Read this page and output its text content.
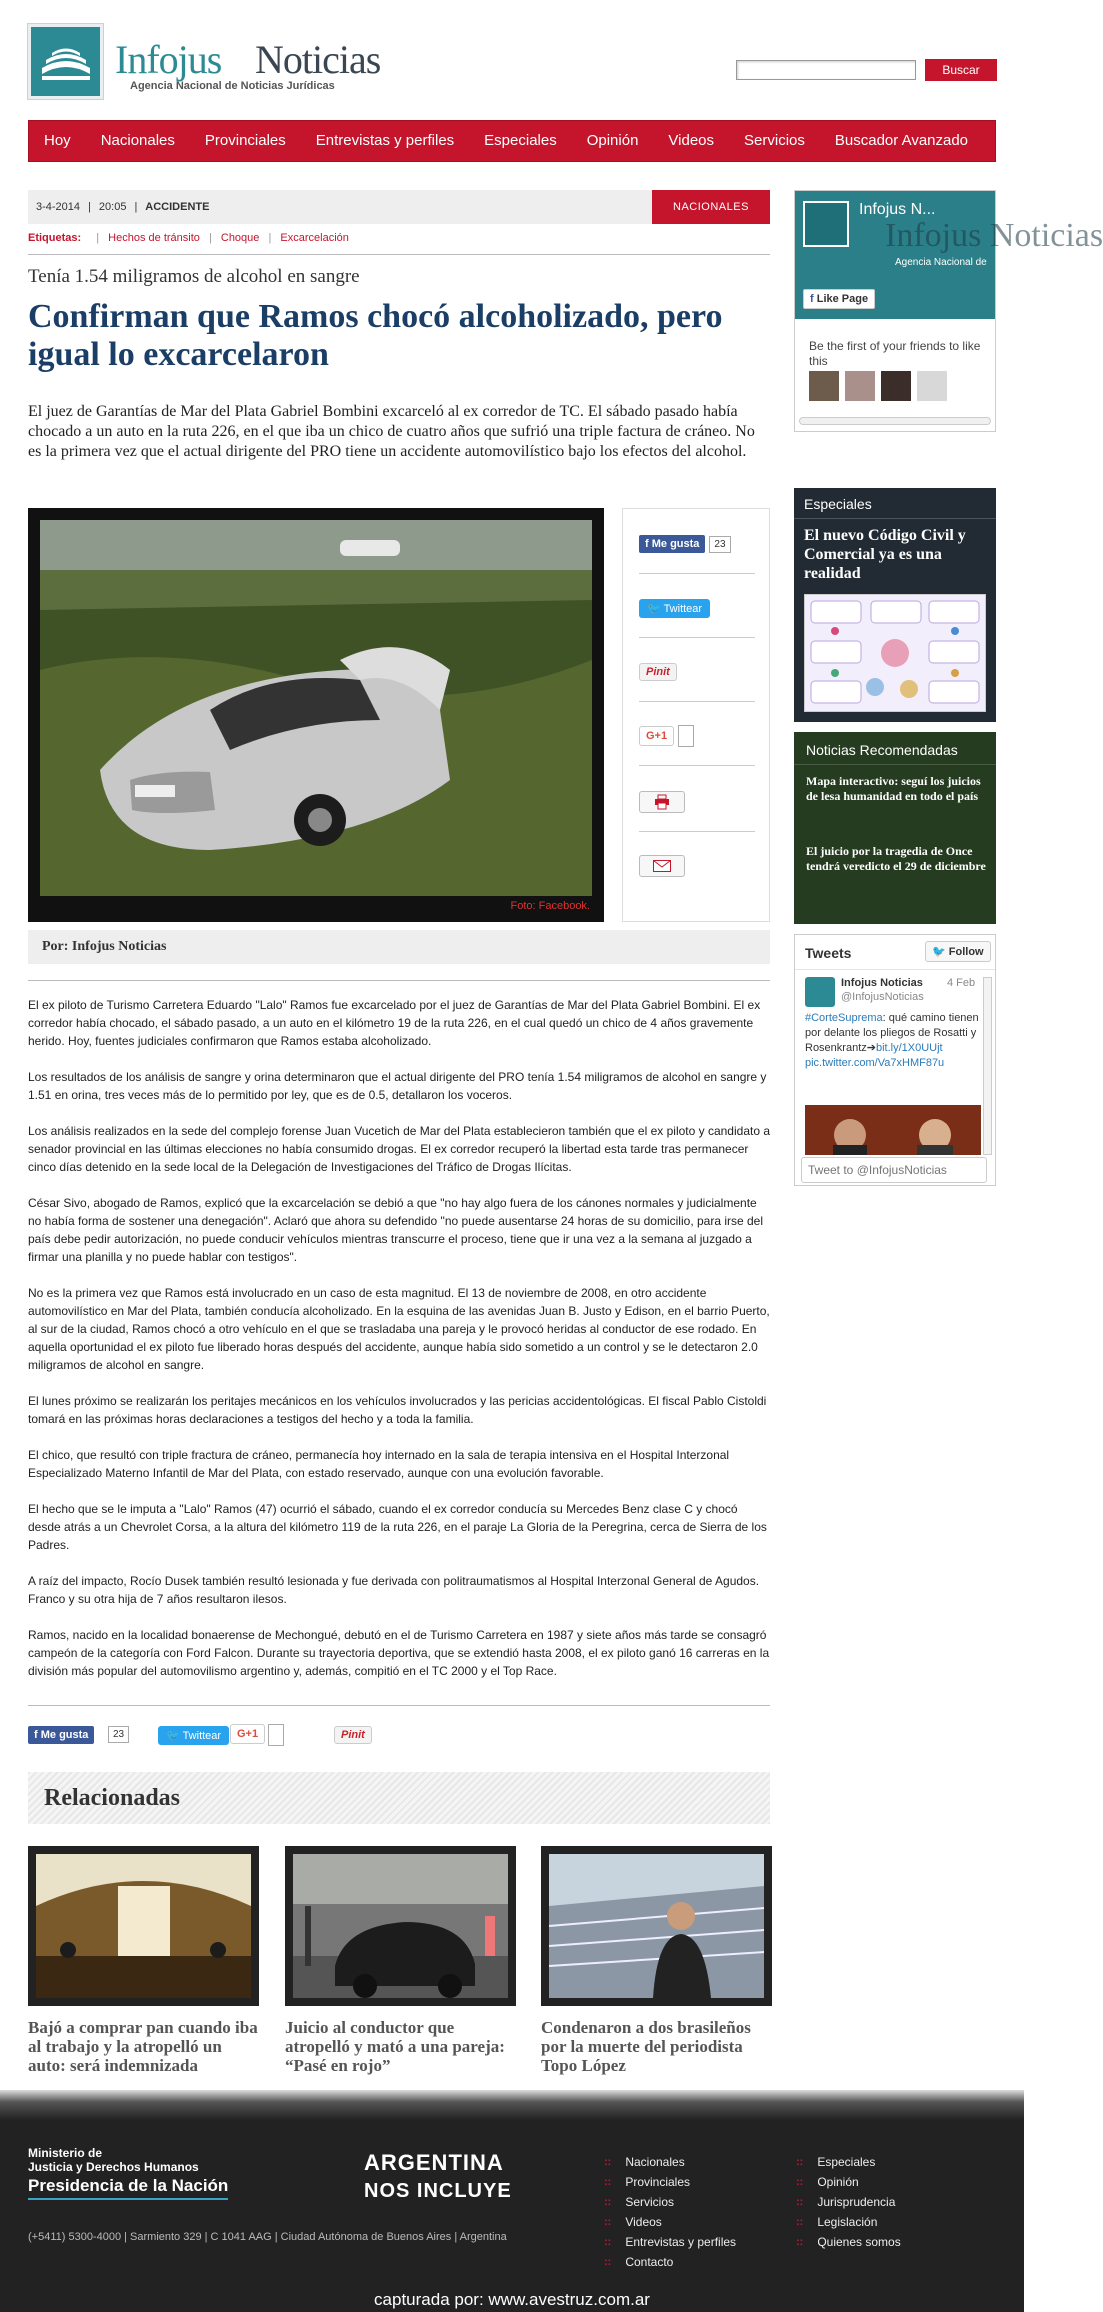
Infojus Noticias
Agencia Nacional de Noticias Jurídicas
Buscar
Hoy	Nacionales	Provinciales	Entrevistas y perfiles	Especiales	Opinión	Videos	Servicios	Buscador Avanzado
3-4-2014 | 20:05 | ACCIDENTE	NACIONALES
Etiquetas: | Hechos de tránsito | Choque | Excarcelación
Tenía 1.54 miligramos de alcohol en sangre
Confirman que Ramos chocó alcoholizado, pero igual lo excarcelaron

El juez de Garantías de Mar del Plata Gabriel Bombini excarceló al ex corredor de TC. El sábado pasado había chocado a un auto en la ruta 226, en el que iba un chico de cuatro años que sufrió una triple factura de cráneo. No es la primera vez que el actual dirigente del PRO tiene un accidente automovilístico bajo los efectos del alcohol.

Foto: Facebook.
f Me gusta 23
🐦 Twittear
Pinit
G+1
Por: Infojus Noticias

El ex piloto de Turismo Carretera Eduardo "Lalo" Ramos fue excarcelado por el juez de Garantías de Mar del Plata Gabriel Bombini. El ex corredor había chocado, el sábado pasado, a un auto en el kilómetro 19 de la ruta 226, en el cual quedó un chico de 4 años gravemente herido. Hoy, fuentes judiciales confirmaron que Ramos estaba alcoholizado.

Los resultados de los análisis de sangre y orina determinaron que el actual dirigente del PRO tenía 1.54 miligramos de alcohol en sangre y 1.51 en orina, tres veces más de lo permitido por ley, que es de 0.5, detallaron los voceros.

Los análisis realizados en la sede del complejo forense Juan Vucetich de Mar del Plata establecieron también que el ex piloto y candidato a senador provincial en las últimas elecciones no había consumido drogas. El ex corredor recuperó la libertad esta tarde tras permanecer cinco días detenido en la sede local de la Delegación de Investigaciones del Tráfico de Drogas Ilícitas.

César Sivo, abogado de Ramos, explicó que la excarcelación se debió a que "no hay algo fuera de los cánones normales y judicialmente no había forma de sostener una denegación". Aclaró que ahora su defendido "no puede ausentarse 24 horas de su domicilio, para irse del país debe pedir autorización, no puede conducir vehículos mientras transcurre el proceso, tiene que ir una vez a la semana al juzgado a firmar una planilla y no puede hablar con testigos".

No es la primera vez que Ramos está involucrado en un caso de esta magnitud. El 13 de noviembre de 2008, en otro accidente automovilístico en Mar del Plata, también conducía alcoholizado. En la esquina de las avenidas Juan B. Justo y Edison, en el barrio Puerto, al sur de la ciudad, Ramos chocó a otro vehículo en el que se trasladaba una pareja y le provocó heridas al conductor de ese rodado. En aquella oportunidad el ex piloto fue liberado horas después del accidente, aunque había sido sometido a un control y se le detectaron 2.0 miligramos de alcohol en sangre.

El lunes próximo se realizarán los peritajes mecánicos en los vehículos involucrados y las pericias accidentológicas. El fiscal Pablo Cistoldi tomará en las próximas horas declaraciones a testigos del hecho y a toda la familia.

El chico, que resultó con triple fractura de cráneo, permanecía hoy internado en la sala de terapia intensiva en el Hospital Interzonal Especializado Materno Infantil de Mar del Plata, con estado reservado, aunque con una evolución favorable.

El hecho que se le imputa a "Lalo" Ramos (47) ocurrió el sábado, cuando el ex corredor conducía su Mercedes Benz clase C y chocó desde atrás a un Chevrolet Corsa, a la altura del kilómetro 119 de la ruta 226, en el paraje La Gloria de la Peregrina, cerca de Sierra de los Padres.

A raíz del impacto, Rocío Dusek también resultó lesionada y fue derivada con politraumatismos al Hospital Interzonal General de Agudos. Franco y su otra hija de 7 años resultaron ilesos.

Ramos, nacido en la localidad bonaerense de Mechongué, debutó en el de Turismo Carretera en 1987 y siete años más tarde se consagró campeón de la categoría con Ford Falcon. Durante su trayectoria deportiva, que se extendió hasta 2008, el ex piloto ganó 16 carreras en la división más popular del automovilismo argentino y, además, compitió en el TC 2000 y el Top Race.

f Me gusta	23	🐦 Twittear	G+1	Pinit
Relacionadas
Bajó a comprar pan cuando iba al trabajo y la atropelló un auto: será indemnizada
Juicio al conductor que atropelló y mató a una pareja: “Pasé en rojo”
Condenaron a dos brasileños por la muerte del periodista Topo López
Infojus N...
Infojus Noticias
Agencia Nacional de
f Like Page
Be the first of your friends to like this
Especiales
El nuevo Código Civil y Comercial ya es una realidad
Noticias Recomendadas
Mapa interactivo: seguí los juicios de lesa humanidad en todo el país
El juicio por la tragedia de Once tendrá veredicto el 29 de diciembre
Tweets	🐦 Follow
Infojus Noticias
@InfojusNoticias
4 Feb
#CorteSuprema: qué camino tienen por delante los pliegos de Rosatti y Rosenkrantz➔bit.ly/1X0UUjt pic.twitter.com/Va7xHMF87u
Tweet to @InfojusNoticias
Ministerio de
Justicia y Derechos Humanos
Presidencia de la Nación
ARGENTINA
NOS INCLUYE
(+5411) 5300-4000 | Sarmiento 329 | C 1041 AAG | Ciudad Autónoma de Buenos Aires | Argentina
:: Nacionales
:: Provinciales
:: Servicios
:: Videos
:: Entrevistas y perfiles
:: Contacto
:: Especiales
:: Opinión
:: Jurisprudencia
:: Legislación
:: Quienes somos
capturada por: www.avestruz.com.ar
